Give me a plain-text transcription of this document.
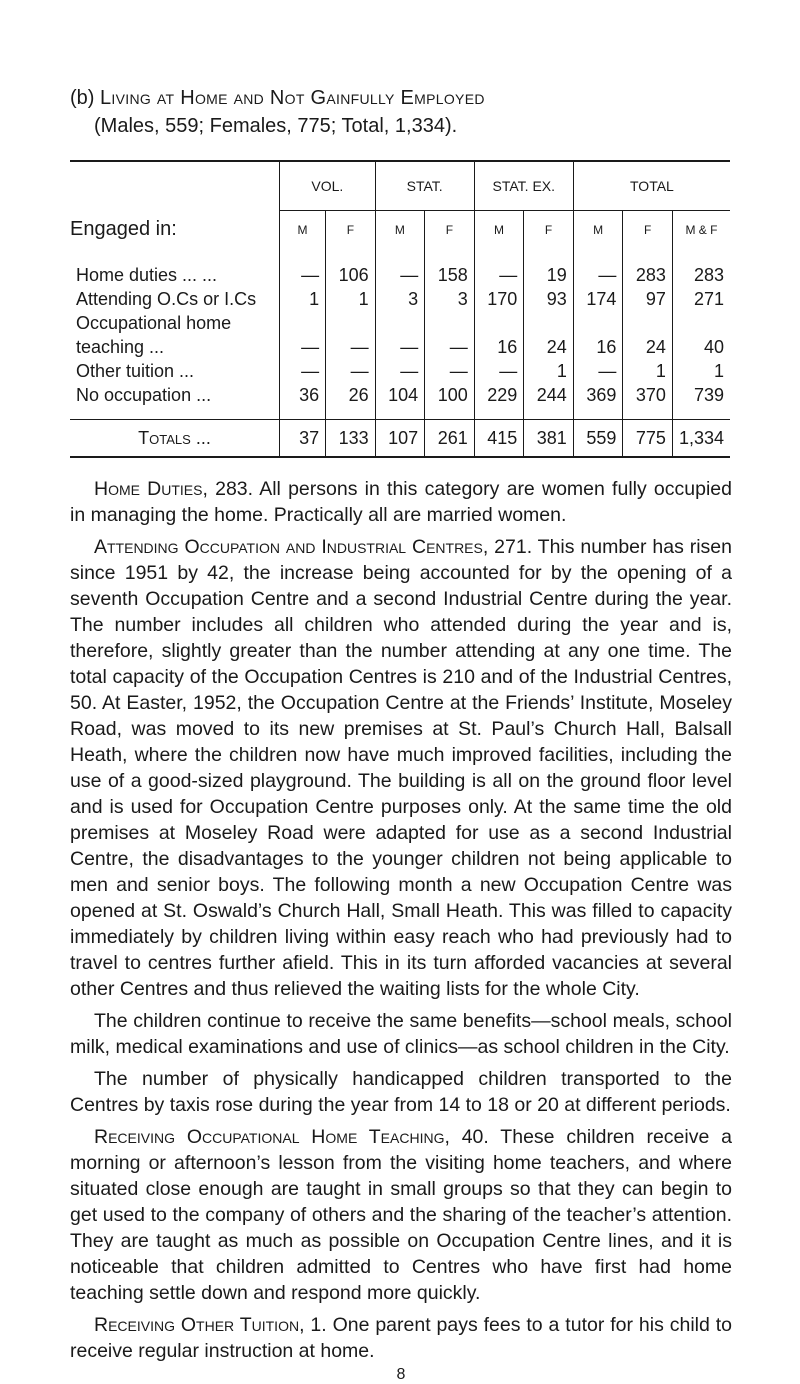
(b) Living at Home and Not Gainfully Employed

(Males, 559; Females, 775; Total, 1,334).

Engaged in:	VOL.		STAT.		STAT. EX.		TOTAL		
	M	F	M	F	M	F	M	F	M & F
Home duties ... ...	—	106	—	158	—	19	—	283	283
Attending O.Cs or I.Cs	1	1	3	3	170	93	174	97	271
Occupational home									
teaching ...	—	—	—	—	16	24	16	24	40
Other tuition ...	—	—	—	—	—	1	—	1	1
No occupation ...	36	26	104	100	229	244	369	370	739
Totals ...	37	133	107	261	415	381	559	775	1,334

Home Duties, 283. All persons in this category are women fully occupied in managing the home. Practically all are married women.

Attending Occupation and Industrial Centres, 271. This number has risen since 1951 by 42, the increase being accounted for by the opening of a seventh Occupation Centre and a second Industrial Centre during the year. The number includes all children who attended during the year and is, therefore, slightly greater than the number attending at any one time. The total capacity of the Occupation Centres is 210 and of the Industrial Centres, 50. At Easter, 1952, the Occupation Centre at the Friends’ Institute, Moseley Road, was moved to its new premises at St. Paul’s Church Hall, Balsall Heath, where the children now have much improved facilities, including the use of a good-sized playground. The building is all on the ground floor level and is used for Occupation Centre purposes only. At the same time the old premises at Moseley Road were adapted for use as a second Industrial Centre, the disadvantages to the younger children not being applicable to men and senior boys. The following month a new Occupation Centre was opened at St. Oswald’s Church Hall, Small Heath. This was filled to capacity immediately by children living within easy reach who had previously had to travel to centres further afield. This in its turn afforded vacancies at several other Centres and thus relieved the waiting lists for the whole City.

The children continue to receive the same benefits—school meals, school milk, medical examinations and use of clinics—as school children in the City.

The number of physically handicapped children transported to the Centres by taxis rose during the year from 14 to 18 or 20 at different periods.

Receiving Occupational Home Teaching, 40. These children receive a morning or afternoon’s lesson from the visiting home teachers, and where situated close enough are taught in small groups so that they can begin to get used to the company of others and the sharing of the teacher’s attention. They are taught as much as possible on Occupation Centre lines, and it is noticeable that children admitted to Centres who have first had home teaching settle down and respond more quickly.

Receiving Other Tuition, 1. One parent pays fees to a tutor for his child to receive regular instruction at home.

8
